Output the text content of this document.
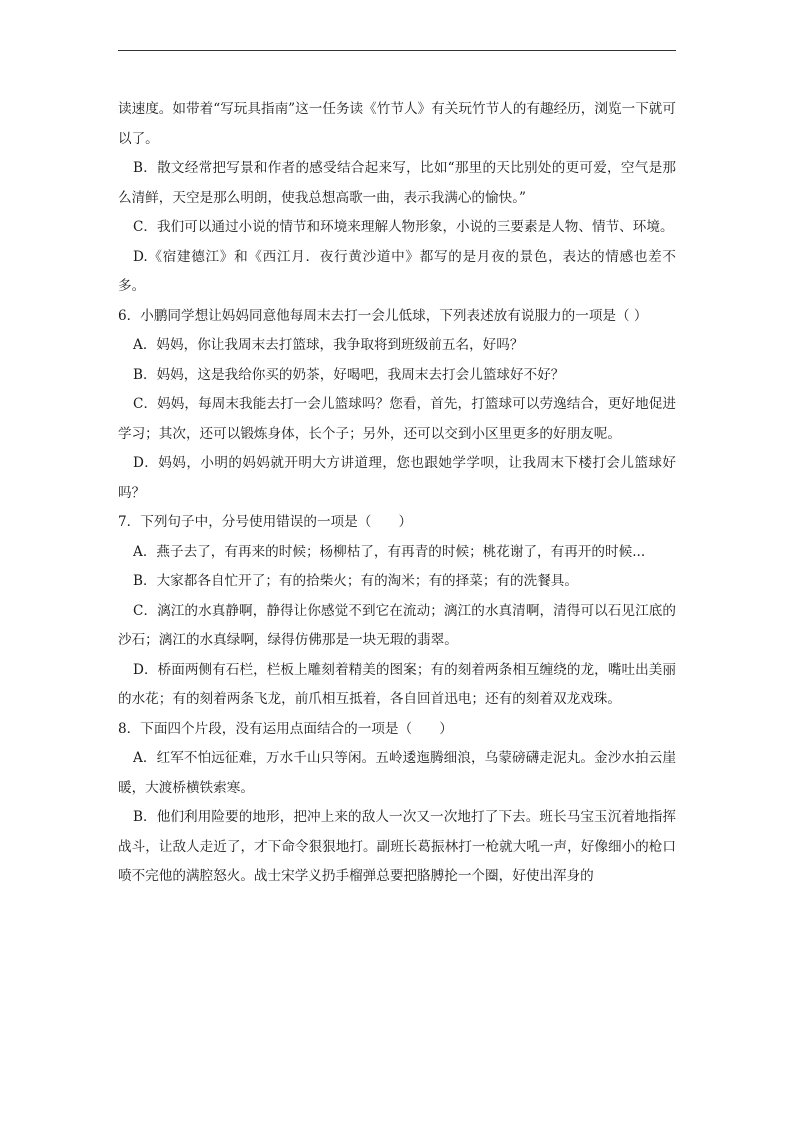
读速度。如带着“写玩具指南”这一任务读《竹节人》有关玩竹节人的有趣经历，浏览一下就可以了。

B．散文经常把写景和作者的感受结合起来写，比如“那里的天比别处的更可爱，空气是那么清鲜，天空是那么明朗，使我总想高歌一曲，表示我满心的愉快。”

C．我们可以通过小说的情节和环境来理解人物形象，小说的三要素是人物、情节、环境。

D.《宿建德江》和《西江月．夜行黄沙道中》都写的是月夜的景色，表达的情感也差不多。

6．小鹏同学想让妈妈同意他每周末去打一会儿低球，下列表述放有说服力的一项是（ ）

A．妈妈，你让我周末去打篮球，我争取将到班级前五名，好吗？

B．妈妈，这是我给你买的奶茶，好喝吧，我周末去打会儿篮球好不好？

C．妈妈，每周末我能去打一会儿篮球吗？您看，首先，打篮球可以劳逸结合，更好地促进学习；其次，还可以锻炼身体，长个子；另外，还可以交到小区里更多的好朋友呢。

D．妈妈，小明的妈妈就开明大方讲道理，您也跟她学学呗，让我周末下楼打会儿篮球好吗？

7．下列句子中，分号使用错误的一项是（　　）

A．燕子去了，有再来的时候；杨柳枯了，有再青的时候；桃花谢了，有再开的时候...

B．大家都各自忙开了；有的拾柴火；有的淘米；有的择菜；有的洗餐具。

C．漓江的水真静啊，静得让你感觉不到它在流动；漓江的水真清啊，清得可以石见江底的沙石；漓江的水真绿啊，绿得仿佛那是一块无瑕的翡翠。

D．桥面两侧有石栏，栏板上雕刻着精美的图案；有的刻着两条相互缠绕的龙，嘴吐出美丽的水花；有的刻着两条飞龙，前爪相互抵着，各自回首迅电；还有的刻着双龙戏珠。

8．下面四个片段，没有运用点面结合的一项是（　　）

A．红军不怕远征难，万水千山只等闲。五岭逶迤腾细浪，乌蒙磅礴走泥丸。金沙水拍云崖暖，大渡桥横铁索寒。

B．他们利用险要的地形，把冲上来的敌人一次又一次地打了下去。班长马宝玉沉着地指挥战斗，让敌人走近了，才下命令狠狠地打。副班长葛振林打一枪就大吼一声，好像细小的枪口喷不完他的满腔怒火。战士宋学义扔手榴弹总要把胳膊抡一个圈，好使出浑身的
